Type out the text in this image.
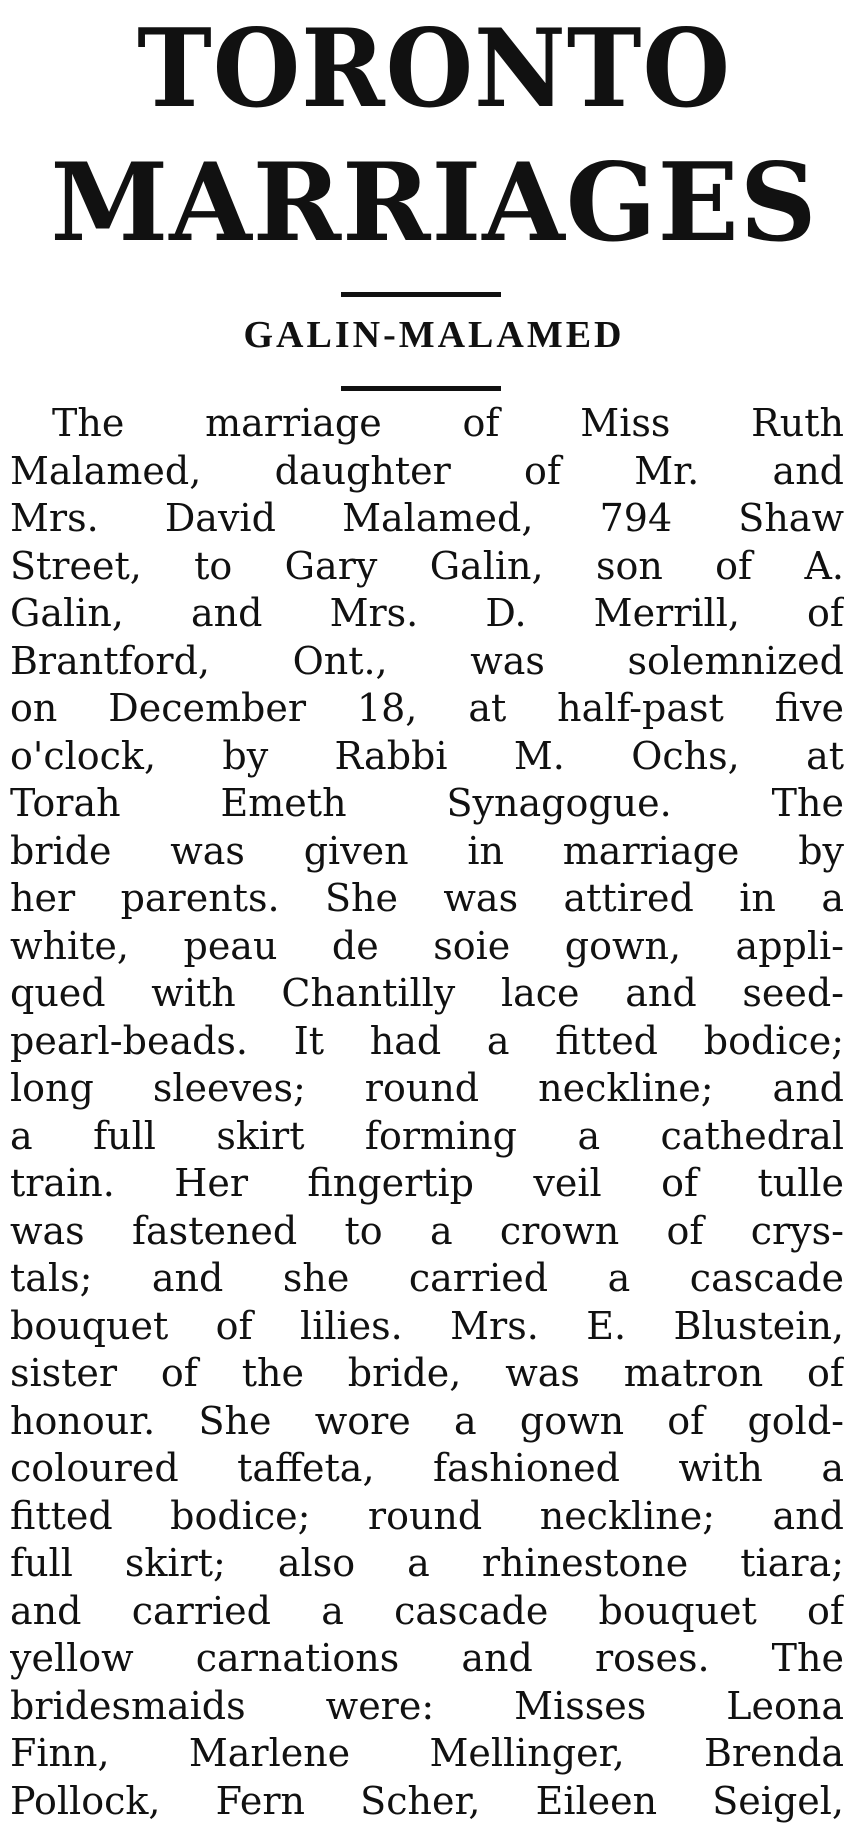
TORONTO
MARRIAGES
GALIN-MALAMED
The marriage of Miss Ruth
Malamed, daughter of Mr. and
Mrs. David Malamed, 794 Shaw
Street, to Gary Galin, son of A.
Galin, and Mrs. D. Merrill, of
Brantford, Ont., was solemnized
on December 18, at half-past five
o'clock, by Rabbi M. Ochs, at
Torah Emeth Synagogue. The
bride was given in marriage by
her parents. She was attired in a
white, peau de soie gown, appli-
qued with Chantilly lace and seed-
pearl-beads. It had a fitted bodice;
long sleeves; round neckline; and
a full skirt forming a cathedral
train. Her fingertip veil of tulle
was fastened to a crown of crys-
tals; and she carried a cascade
bouquet of lilies. Mrs. E. Blustein,
sister of the bride, was matron of
honour. She wore a gown of gold-
coloured taffeta, fashioned with a
fitted bodice; round neckline; and
full skirt; also a rhinestone tiara;
and carried a cascade bouquet of
yellow carnations and roses. The
bridesmaids were: Misses Leona
Finn, Marlene Mellinger, Brenda
Pollock, Fern Scher, Eileen Seigel,
